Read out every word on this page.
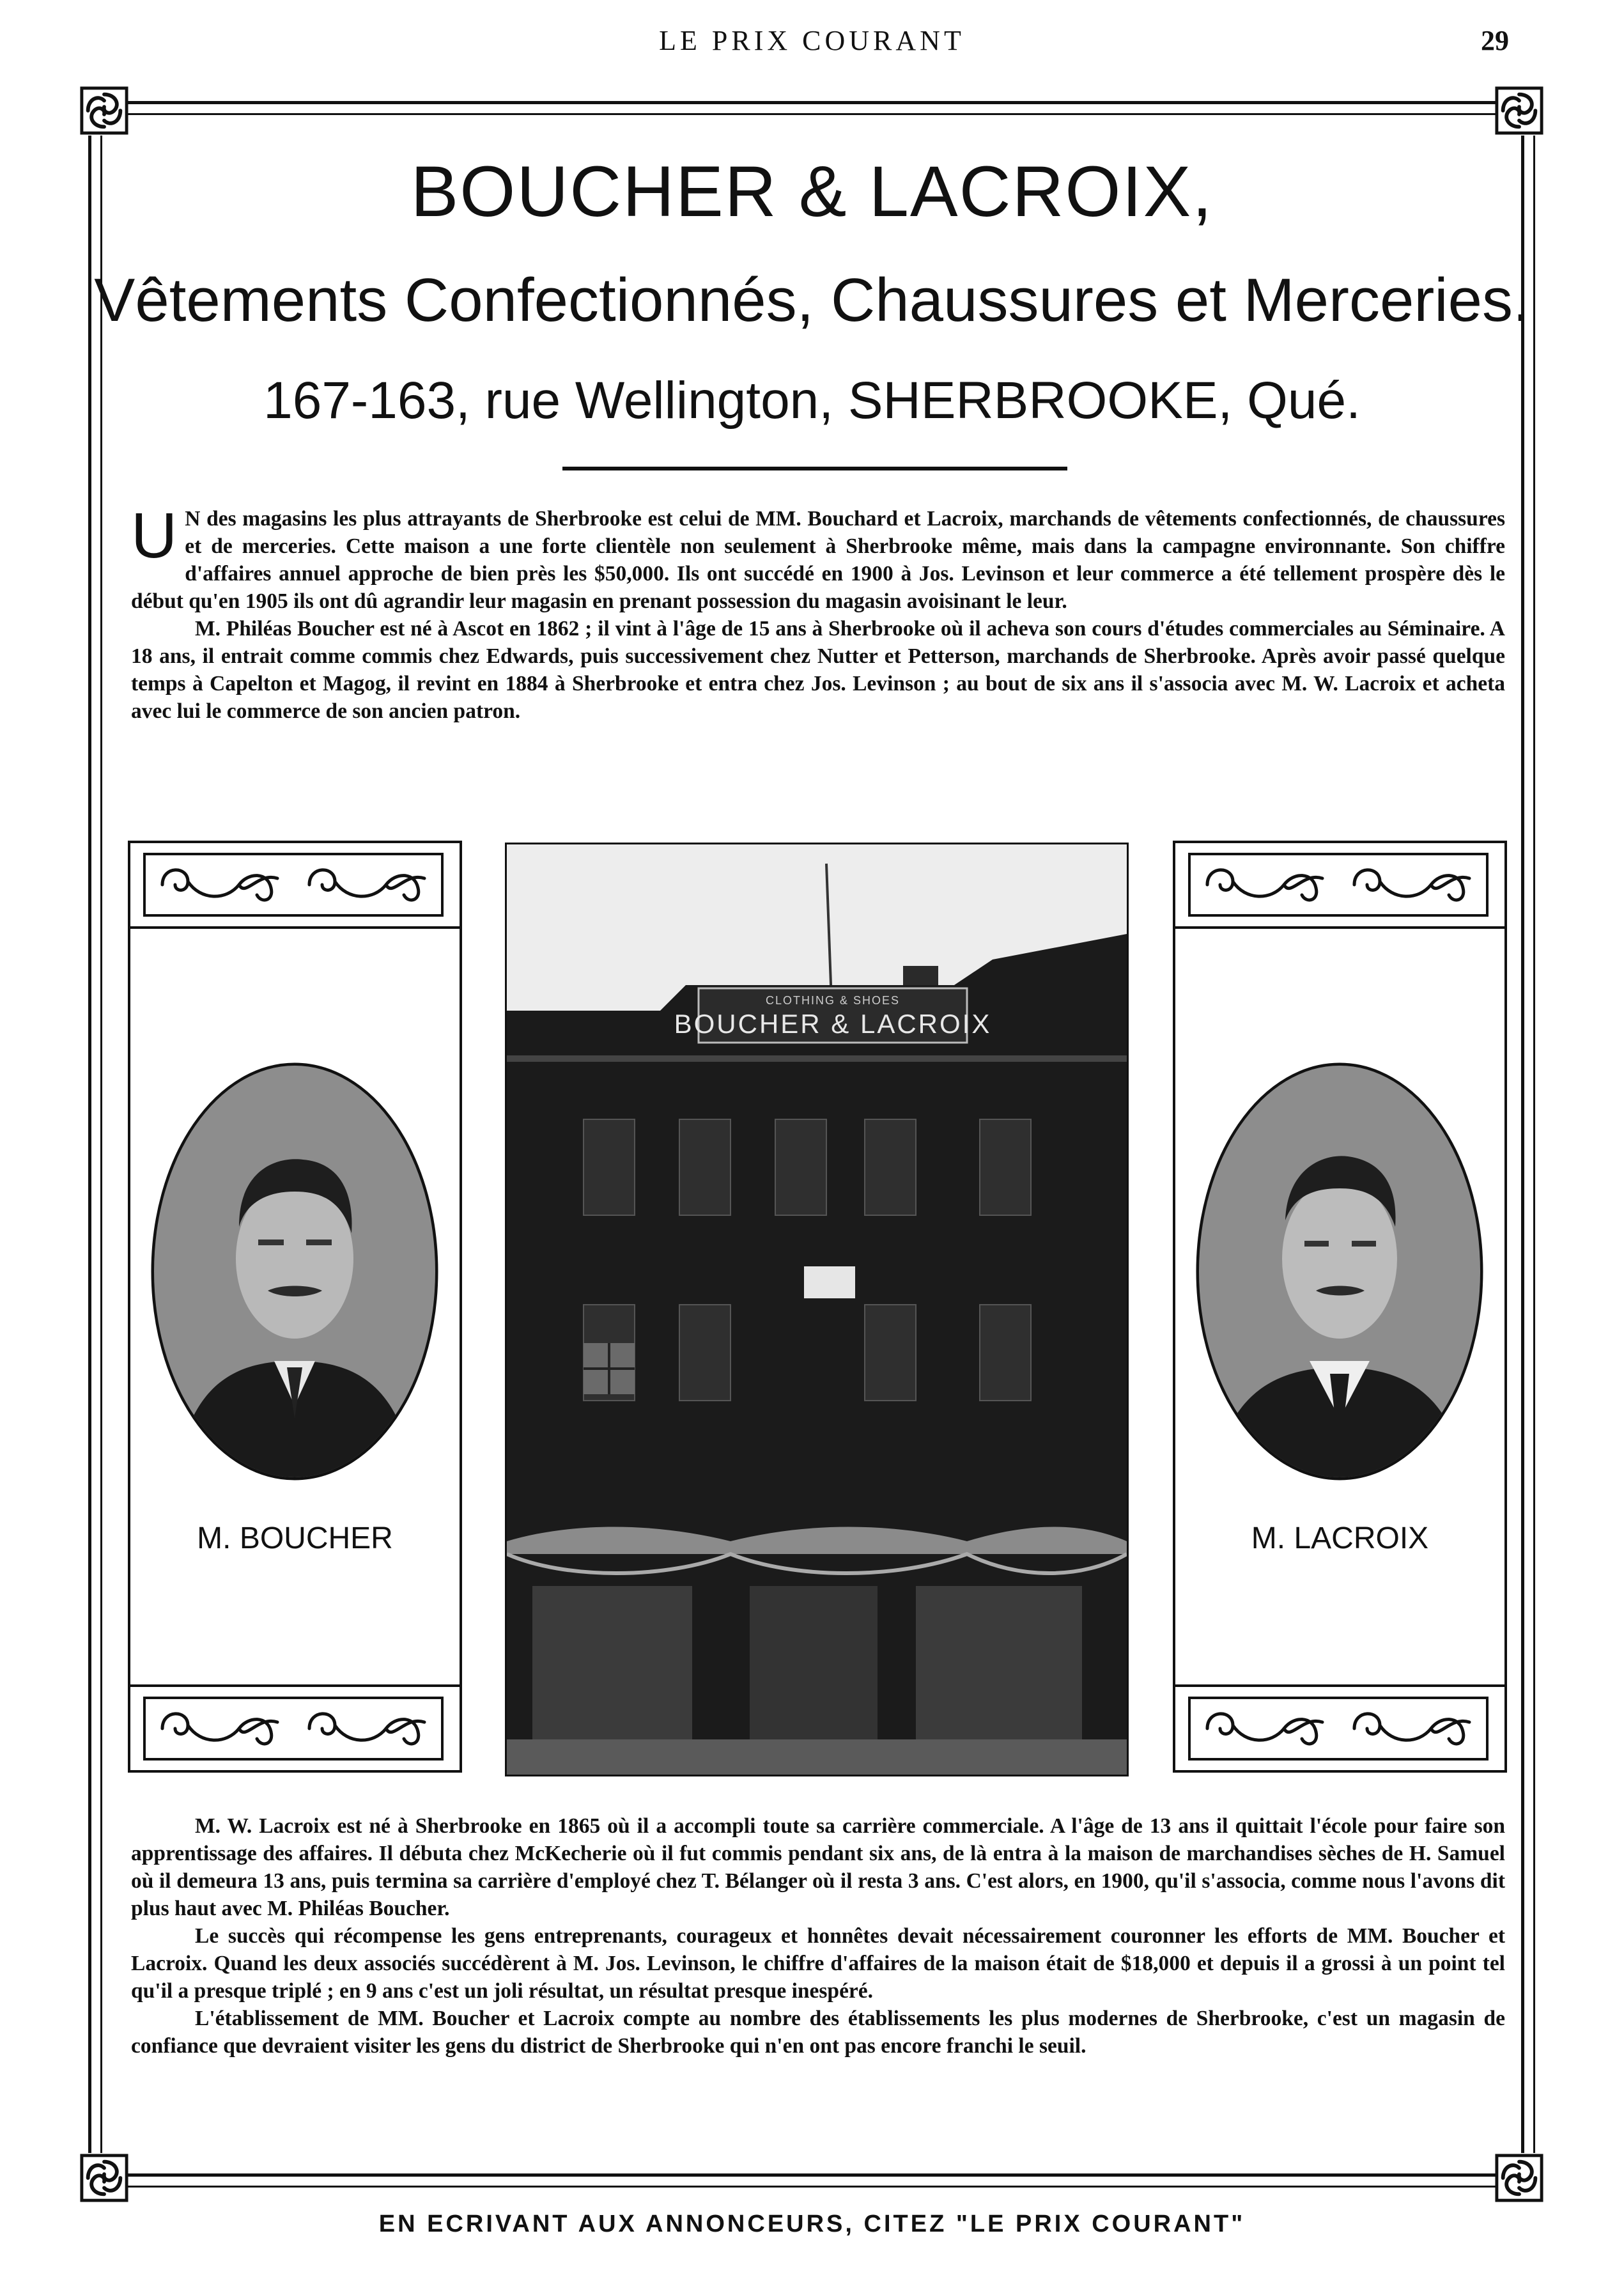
LE PRIX COURANT	29
BOUCHER & LACROIX,
Vêtements Confectionnés, Chaussures et Merceries.
167-163, rue Wellington, SHERBROOKE, Qué.

U N des magasins les plus attrayants de Sherbrooke est celui de MM. Bouchard et Lacroix, marchands de vêtements confectionnés, de chaussures et de merceries. Cette maison a une forte clientèle non seulement à Sherbrooke même, mais dans la campagne environnante. Son chiffre d'affaires annuel approche de bien près les $50,000. Ils ont succédé en 1900 à Jos. Levinson et leur commerce a été tellement prospère dès le début qu'en 1905 ils ont dû agrandir leur magasin en prenant possession du magasin avoisinant le leur.

M. Philéas Boucher est né à Ascot en 1862 ; il vint à l'âge de 15 ans à Sherbrooke où il acheva son cours d'études commerciales au Séminaire. A 18 ans, il entrait comme commis chez Edwards, puis successivement chez Nutter et Petterson, marchands de Sherbrooke. Après avoir passé quelque temps à Capelton et Magog, il revint en 1884 à Sherbrooke et entra chez Jos. Levinson ; au bout de six ans il s'associa avec M. W. Lacroix et acheta avec lui le commerce de son ancien patron.

M. BOUCHER
CLOTHING & SHOES
BOUCHER & LACROIX
M. LACROIX

M. W. Lacroix est né à Sherbrooke en 1865 où il a accompli toute sa carrière commerciale. A l'âge de 13 ans il quittait l'école pour faire son apprentissage des affaires. Il débuta chez McKecherie où il fut commis pendant six ans, de là entra à la maison de marchandises sèches de H. Samuel où il demeura 13 ans, puis termina sa carrière d'employé chez T. Bélanger où il resta 3 ans. C'est alors, en 1900, qu'il s'associa, comme nous l'avons dit plus haut avec M. Philéas Boucher.

Le succès qui récompense les gens entreprenants, courageux et honnêtes devait nécessairement couronner les efforts de MM. Boucher et Lacroix. Quand les deux associés succédèrent à M. Jos. Levinson, le chiffre d'affaires de la maison était de $18,000 et depuis il a grossi à un point tel qu'il a presque triplé ; en 9 ans c'est un joli résultat, un résultat presque inespéré.

L'établissement de MM. Boucher et Lacroix compte au nombre des établissements les plus modernes de Sherbrooke, c'est un magasin de confiance que devraient visiter les gens du district de Sherbrooke qui n'en ont pas encore franchi le seuil.

EN ECRIVANT AUX ANNONCEURS, CITEZ "LE PRIX COURANT"
